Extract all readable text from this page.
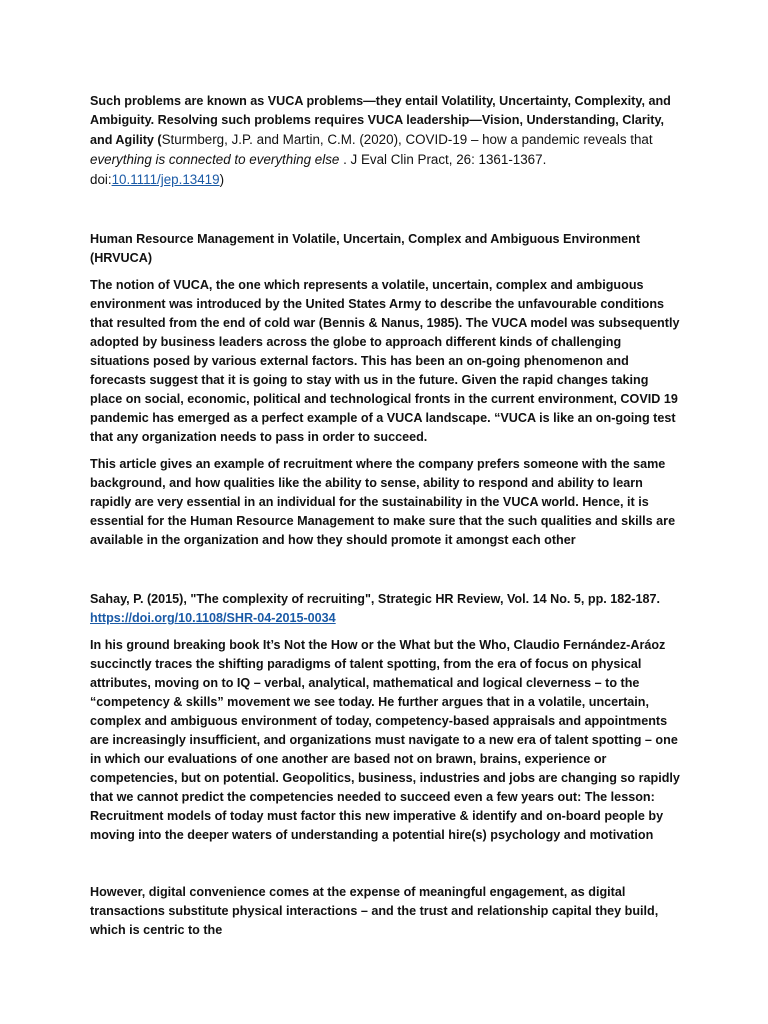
Such problems are known as VUCA problems—they entail Volatility, Uncertainty, Complexity, and Ambiguity. Resolving such problems requires VUCA leadership—Vision, Understanding, Clarity, and Agility (Sturmberg, J.P. and Martin, C.M. (2020), COVID-19 – how a pandemic reveals that everything is connected to everything else . J Eval Clin Pract, 26: 1361-1367. doi:10.1111/jep.13419)

Human Resource Management in Volatile, Uncertain, Complex and Ambiguous Environment (HRVUCA)

The notion of VUCA, the one which represents a volatile, uncertain, complex and ambiguous environment was introduced by the United States Army to describe the unfavourable conditions that resulted from the end of cold war (Bennis & Nanus, 1985). The VUCA model was subsequently adopted by business leaders across the globe to approach different kinds of challenging situations posed by various external factors. This has been an on-going phenomenon and forecasts suggest that it is going to stay with us in the future. Given the rapid changes taking place on social, economic, political and technological fronts in the current environment, COVID 19 pandemic has emerged as a perfect example of a VUCA landscape. “VUCA is like an on-going test that any organization needs to pass in order to succeed.

This article gives an example of recruitment where the company prefers someone with the same background, and how qualities like the ability to sense, ability to respond and ability to learn rapidly are very essential in an individual for the sustainability in the VUCA world. Hence, it is essential for the Human Resource Management to make sure that the such qualities and skills are available in the organization and how they should promote it amongst each other

Sahay, P. (2015), "The complexity of recruiting", Strategic HR Review, Vol. 14 No. 5, pp. 182-187.
https://doi.org/10.1108/SHR-04-2015-0034

In his ground breaking book It’s Not the How or the What but the Who, Claudio Fernández-Aráoz succinctly traces the shifting paradigms of talent spotting, from the era of focus on physical attributes, moving on to IQ – verbal, analytical, mathematical and logical cleverness – to the “competency & skills” movement we see today. He further argues that in a volatile, uncertain, complex and ambiguous environment of today, competency-based appraisals and appointments are increasingly insufficient, and organizations must navigate to a new era of talent spotting – one in which our evaluations of one another are based not on brawn, brains, experience or competencies, but on potential. Geopolitics, business, industries and jobs are changing so rapidly that we cannot predict the competencies needed to succeed even a few years out: The lesson: Recruitment models of today must factor this new imperative & identify and on-board people by moving into the deeper waters of understanding a potential hire(s) psychology and motivation

However, digital convenience comes at the expense of meaningful engagement, as digital transactions substitute physical interactions – and the trust and relationship capital they build, which is centric to the
